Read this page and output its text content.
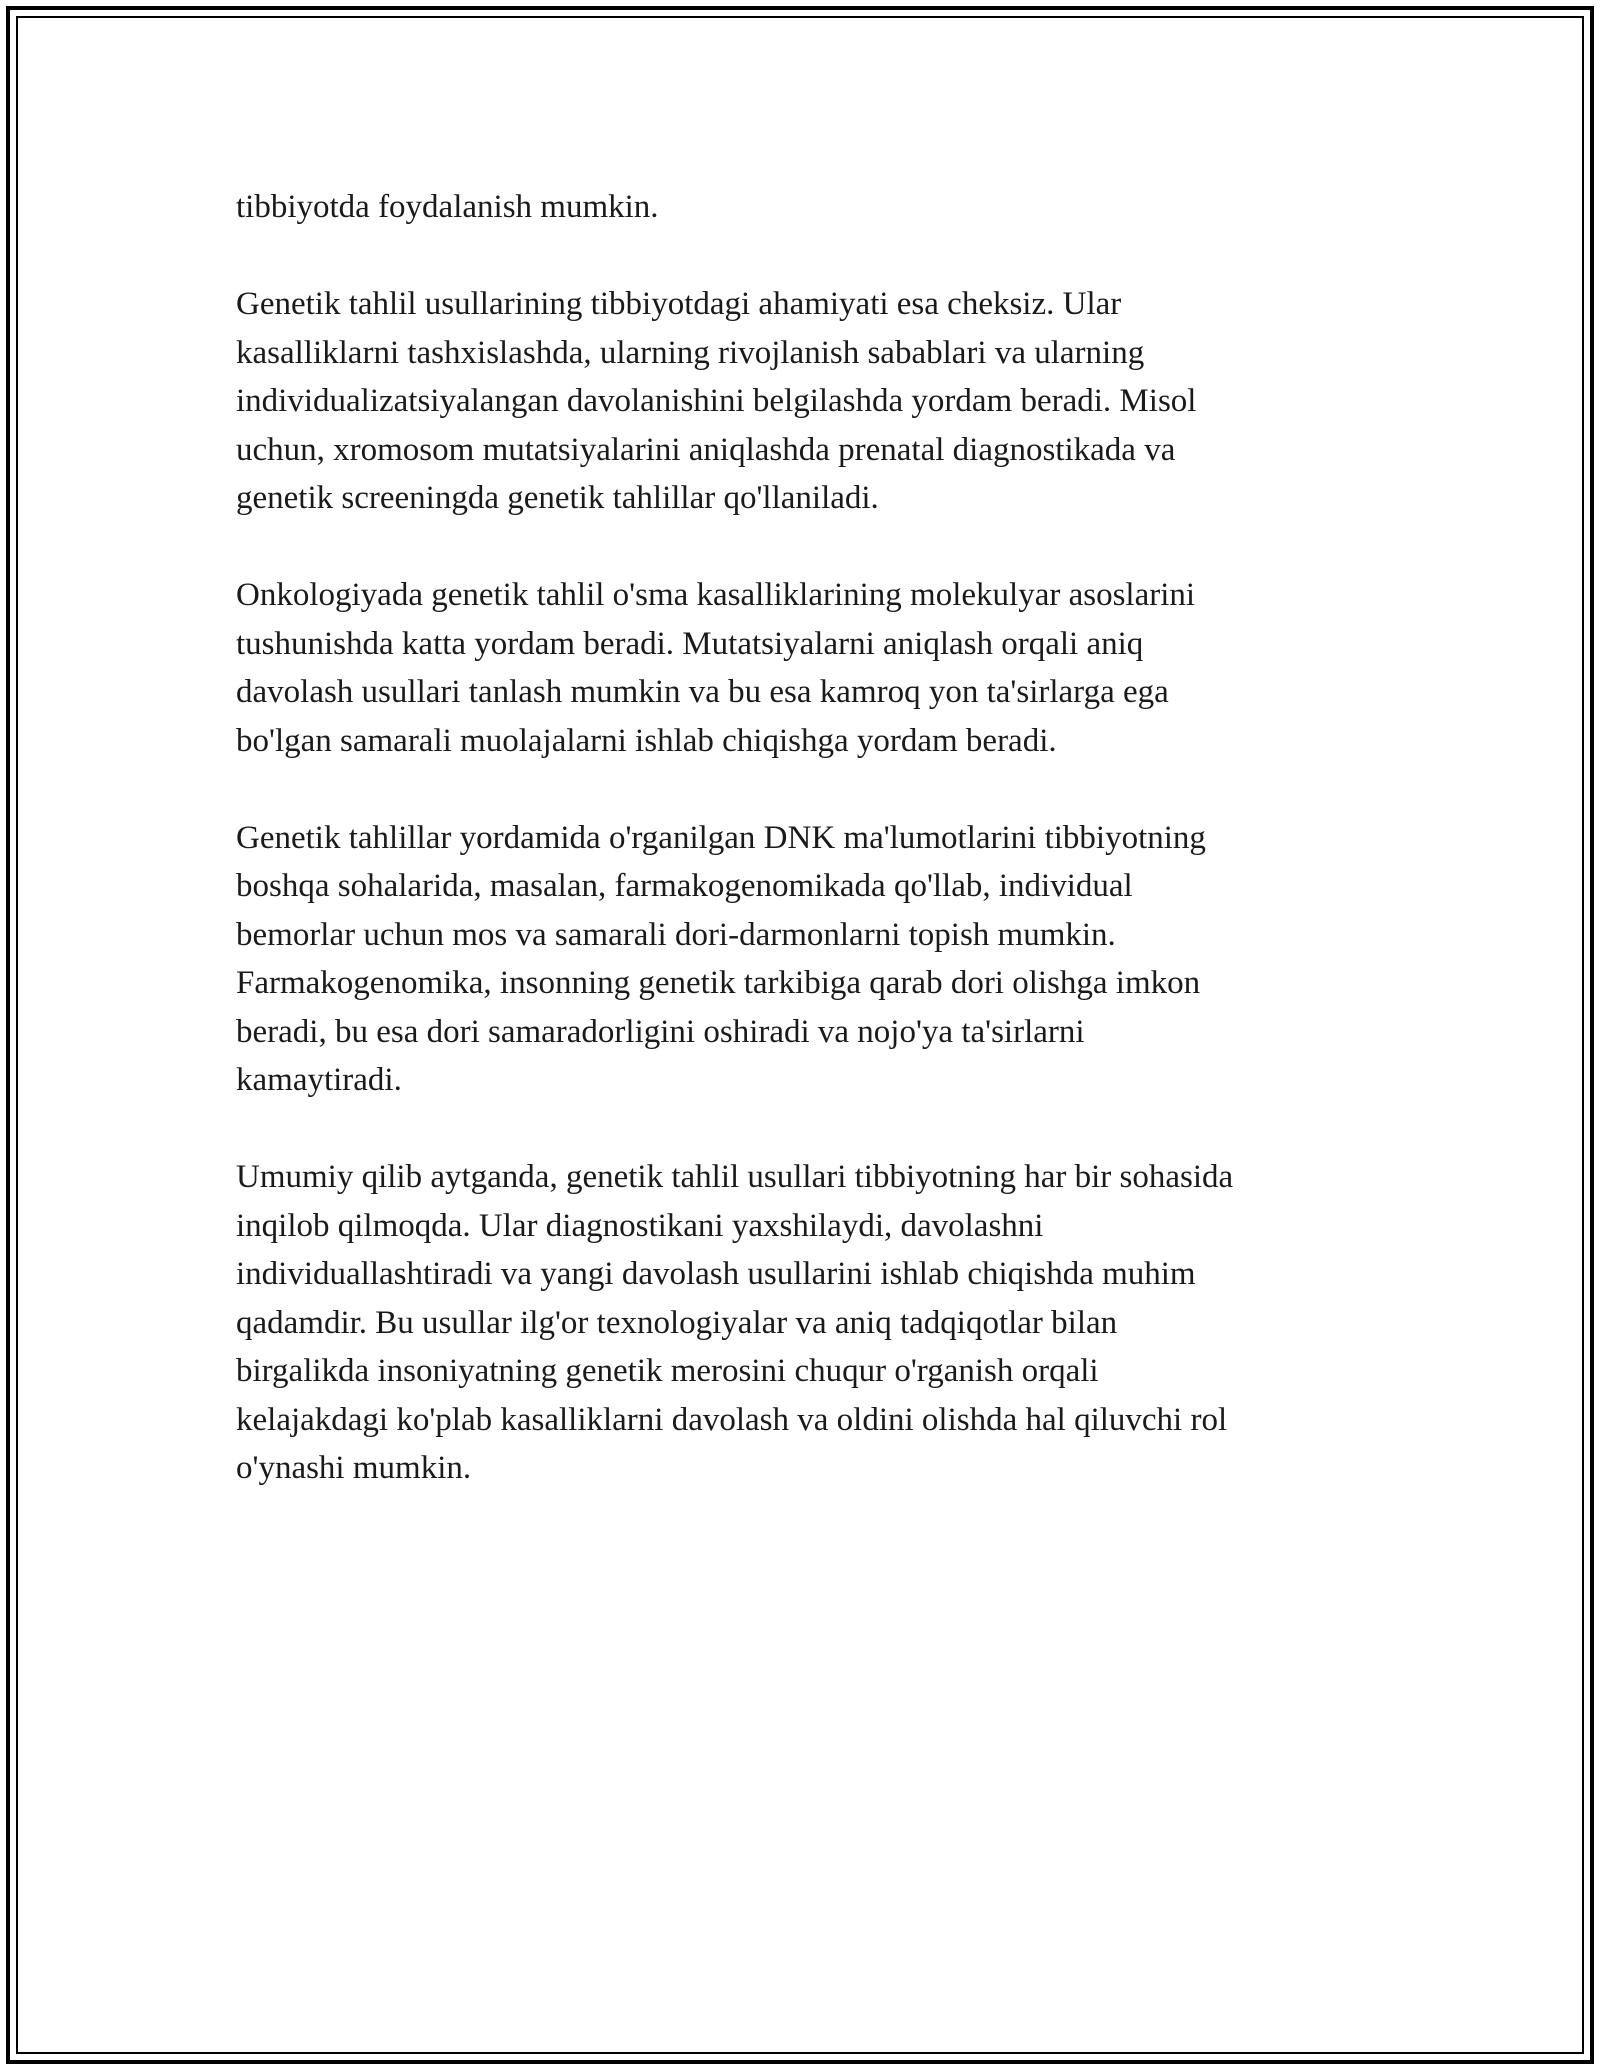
tibbiyotda foydalanish mumkin.

Genetik tahlil usullarining tibbiyotdagi ahamiyati esa cheksiz. Ular
kasalliklarni tashxislashda, ularning rivojlanish sabablari va ularning
individualizatsiyalangan davolanishini belgilashda yordam beradi. Misol
uchun, xromosom mutatsiyalarini aniqlashda prenatal diagnostikada va
genetik screeningda genetik tahlillar qo'llaniladi.

Onkologiyada genetik tahlil o'sma kasalliklarining molekulyar asoslarini
tushunishda katta yordam beradi. Mutatsiyalarni aniqlash orqali aniq
davolash usullari tanlash mumkin va bu esa kamroq yon ta'sirlarga ega
bo'lgan samarali muolajalarni ishlab chiqishga yordam beradi.

Genetik tahlillar yordamida o'rganilgan DNK ma'lumotlarini tibbiyotning
boshqa sohalarida, masalan, farmakogenomikada qo'llab, individual
bemorlar uchun mos va samarali dori-darmonlarni topish mumkin.
Farmakogenomika, insonning genetik tarkibiga qarab dori olishga imkon
beradi, bu esa dori samaradorligini oshiradi va nojo'ya ta'sirlarni
kamaytiradi.

Umumiy qilib aytganda, genetik tahlil usullari tibbiyotning har bir sohasida
inqilob qilmoqda. Ular diagnostikani yaxshilaydi, davolashni
individuallashtiradi va yangi davolash usullarini ishlab chiqishda muhim
qadamdir. Bu usullar ilg'or texnologiyalar va aniq tadqiqotlar bilan
birgalikda insoniyatning genetik merosini chuqur o'rganish orqali
kelajakdagi ko'plab kasalliklarni davolash va oldini olishda hal qiluvchi rol
o'ynashi mumkin.
